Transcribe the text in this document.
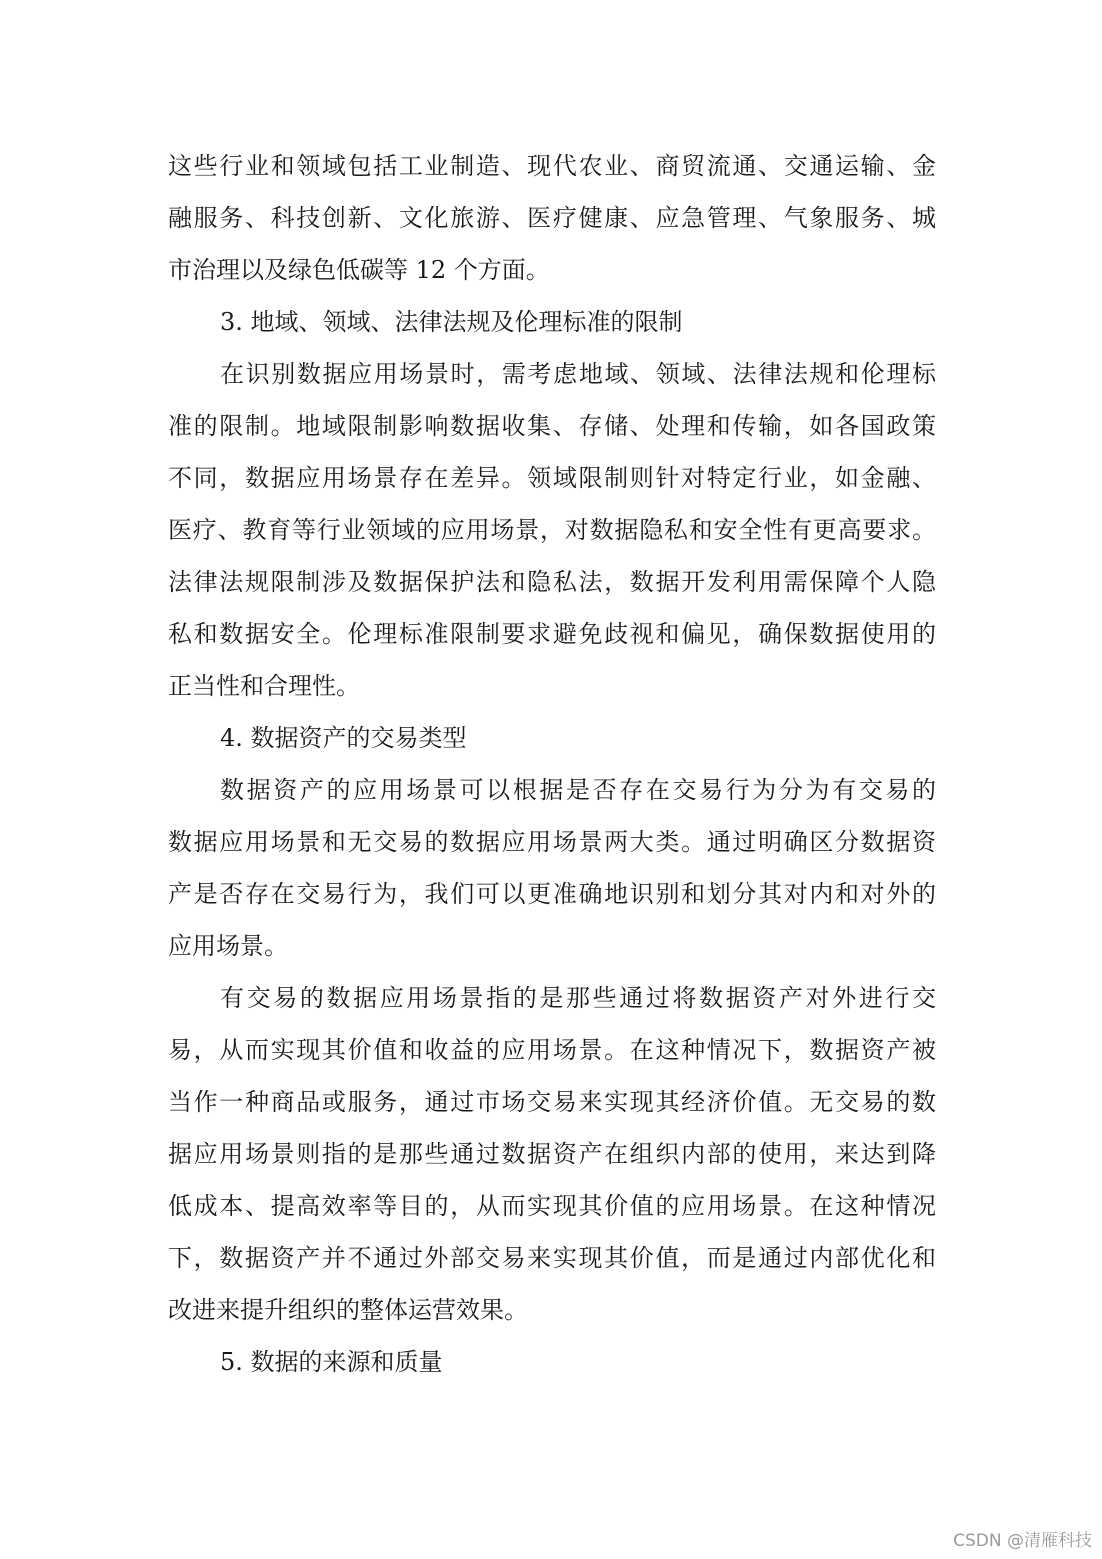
这些行业和领域包括工业制造、现代农业、商贸流通、交通运输、金
融服务、科技创新、文化旅游、医疗健康、应急管理、气象服务、城
市治理以及绿色低碳等 12 个方面。
3. 地域、领域、法律法规及伦理标准的限制
在识别数据应用场景时，需考虑地域、领域、法律法规和伦理标
准的限制。地域限制影响数据收集、存储、处理和传输，如各国政策
不同，数据应用场景存在差异。领域限制则针对特定行业，如金融、
医疗、教育等行业领域的应用场景，对数据隐私和安全性有更高要求。
法律法规限制涉及数据保护法和隐私法，数据开发利用需保障个人隐
私和数据安全。伦理标准限制要求避免歧视和偏见，确保数据使用的
正当性和合理性。
4. 数据资产的交易类型
数据资产的应用场景可以根据是否存在交易行为分为有交易的
数据应用场景和无交易的数据应用场景两大类。通过明确区分数据资
产是否存在交易行为，我们可以更准确地识别和划分其对内和对外的
应用场景。
有交易的数据应用场景指的是那些通过将数据资产对外进行交
易，从而实现其价值和收益的应用场景。在这种情况下，数据资产被
当作一种商品或服务，通过市场交易来实现其经济价值。无交易的数
据应用场景则指的是那些通过数据资产在组织内部的使用，来达到降
低成本、提高效率等目的，从而实现其价值的应用场景。在这种情况
下，数据资产并不通过外部交易来实现其价值，而是通过内部优化和
改进来提升组织的整体运营效果。
5. 数据的来源和质量
CSDN @清雁科技
